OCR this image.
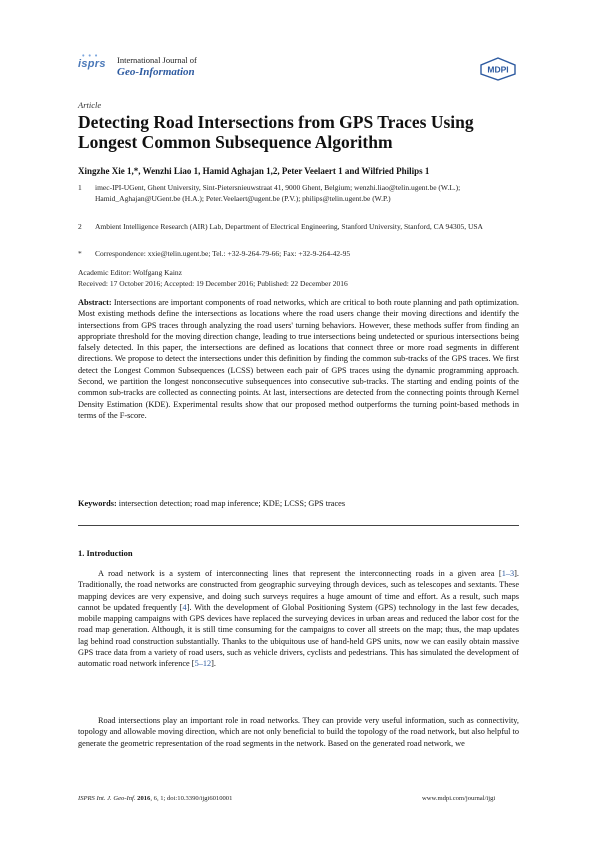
• • •
isprs	International Journal of
Geo-Information	MDPI
Article
Detecting Road Intersections from GPS Traces Using Longest Common Subsequence Algorithm
Xingzhe Xie 1,*, Wenzhi Liao 1, Hamid Aghajan 1,2, Peter Veelaert 1 and Wilfried Philips 1
1 imec-IPI-UGent, Ghent University, Sint-Pietersnieuwstraat 41, 9000 Ghent, Belgium; wenzhi.liao@telin.ugent.be (W.L.); Hamid_Aghajan@UGent.be (H.A.); Peter.Veelaert@ugent.be (P.V.); philips@telin.ugent.be (W.P.)
2 Ambient Intelligence Research (AIR) Lab, Department of Electrical Engineering, Stanford University, Stanford, CA 94305, USA
* Correspondence: xxie@telin.ugent.be; Tel.: +32-9-264-79-66; Fax: +32-9-264-42-95
Academic Editor: Wolfgang Kainz
Received: 17 October 2016; Accepted: 19 December 2016; Published: 22 December 2016
Abstract: Intersections are important components of road networks, which are critical to both route planning and path optimization. Most existing methods define the intersections as locations where the road users change their moving directions and identify the intersections from GPS traces through analyzing the road users' turning behaviors. However, these methods suffer from finding an appropriate threshold for the moving direction change, leading to true intersections being undetected or spurious intersections being falsely detected. In this paper, the intersections are defined as locations that connect three or more road segments in different directions. We propose to detect the intersections under this definition by finding the common sub-tracks of the GPS traces. We first detect the Longest Common Subsequences (LCSS) between each pair of GPS traces using the dynamic programming approach. Second, we partition the longest nonconsecutive subsequences into consecutive sub-tracks. The starting and ending points of the common sub-tracks are collected as connecting points. At last, intersections are detected from the connecting points through Kernel Density Estimation (KDE). Experimental results show that our proposed method outperforms the turning point-based methods in terms of the F-score.
Keywords: intersection detection; road map inference; KDE; LCSS; GPS traces
1. Introduction
A road network is a system of interconnecting lines that represent the interconnecting roads in a given area [1–3]. Traditionally, the road networks are constructed from geographic surveying through devices, such as telescopes and sextants. These mapping devices are very expensive, and doing such surveys requires a huge amount of time and effort. As a result, such maps cannot be updated frequently [4]. With the development of Global Positioning System (GPS) technology in the last few decades, mobile mapping campaigns with GPS devices have replaced the surveying devices in urban areas and reduced the labor cost for the road map generation. Although, it is still time consuming for the campaigns to cover all streets on the map; thus, the map updates lag behind road construction substantially. Thanks to the ubiquitous use of hand-held GPS units, now we can easily obtain massive GPS trace data from a variety of road users, such as vehicle drivers, cyclists and pedestrians. This has simulated the development of automatic road network inference [5–12].
Road intersections play an important role in road networks. They can provide very useful information, such as connectivity, topology and allowable moving direction, which are not only beneficial to build the topology of the road network, but also helpful to generate the geometric representation of the road segments in the network. Based on the generated road network, we
ISPRS Int. J. Geo-Inf. 2016, 6, 1; doi:10.3390/ijgi6010001	www.mdpi.com/journal/ijgi
